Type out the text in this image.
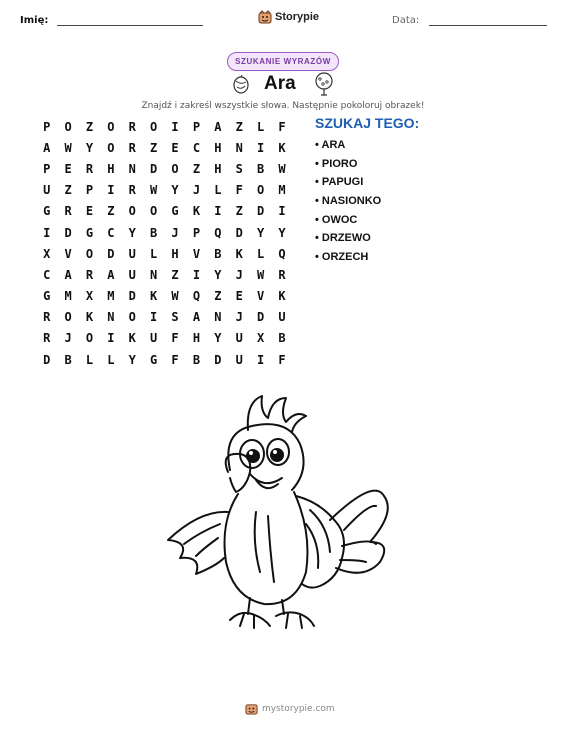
Imię:	Storypie	Data:
SZUKANIE WYRAZÓW
Ara
Znajdź i zakreśl wszystkie słowa. Następnie pokoloruj obrazek!
P	O	Z	O	R	O	I	P	A	Z	L	F
A	W	Y	O	R	Z	E	C	H	N	I	K
P	E	R	H	N	D	O	Z	H	S	B	W
U	Z	P	I	R	W	Y	J	L	F	O	M
G	R	E	Z	O	O	G	K	I	Z	D	I
I	D	G	C	Y	B	J	P	Q	D	Y	Y
X	V	O	D	U	L	H	V	B	K	L	Q
C	A	R	A	U	N	Z	I	Y	J	W	R
G	M	X	M	D	K	W	Q	Z	E	V	K
R	O	K	N	O	I	S	A	N	J	D	U
R	J	O	I	K	U	F	H	Y	U	X	B
D	B	L	L	Y	G	F	B	D	U	I	F
SZUKAJ TEGO:
• ARA
• PIORO
• PAPUGI
• NASIONKO
• OWOC
• DRZEWO
• ORZECH
mystorypie.com
